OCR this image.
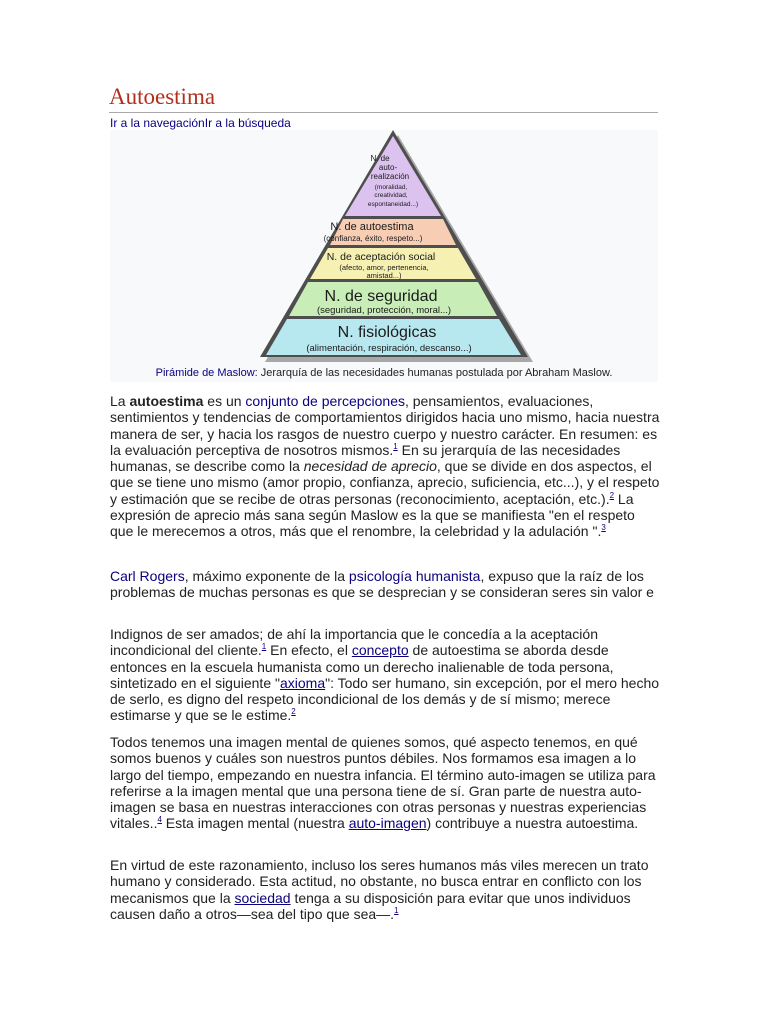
Autoestima
Ir a la navegaciónIr a la búsqueda
N. de
auto-
realización
(moralidad,
creatividad,
espontaneidad...)
N. de autoestima
(confianza, éxito, respeto...)
N. de aceptación social
(afecto, amor, pertenencia,
amistad...)
N. de seguridad
(seguridad, protección, moral...)
N. fisiológicas
(alimentación, respiración, descanso...)
Pirámide de Maslow: Jerarquía de las necesidades humanas postulada por Abraham Maslow.
La autoestima es un conjunto de percepciones, pensamientos, evaluaciones, sentimientos y tendencias de comportamientos dirigidos hacia uno mismo, hacia nuestra manera de ser, y hacia los rasgos de nuestro cuerpo y nuestro carácter. En resumen: es la evaluación perceptiva de nosotros mismos.$^1$ En su jerarquía de las necesidades humanas, se describe como la necesidad de aprecio, que se divide en dos aspectos, el que se tiene uno mismo (amor propio, confianza, aprecio, suficiencia, etc...), y el respeto y estimación que se recibe de otras personas (reconocimiento, aceptación, etc.).$^2$ La expresión de aprecio más sana según Maslow es la que se manifiesta "en el respeto que le merecemos a otros, más que el renombre, la celebridad y la adulación ".$^3$
Carl Rogers, máximo exponente de la psicología humanista, expuso que la raíz de los problemas de muchas personas es que se desprecian y se consideran seres sin valor e
Indignos de ser amados; de ahí la importancia que le concedía a la aceptación incondicional del cliente.$^1$ En efecto, el concepto de autoestima se aborda desde entonces en la escuela humanista como un derecho inalienable de toda persona, sintetizado en el siguiente "axioma": Todo ser humano, sin excepción, por el mero hecho de serlo, es digno del respeto incondicional de los demás y de sí mismo; merece estimarse y que se le estime.$^2$
Todos tenemos una imagen mental de quienes somos, qué aspecto tenemos, en qué somos buenos y cuáles son nuestros puntos débiles. Nos formamos esa imagen a lo largo del tiempo, empezando en nuestra infancia. El término auto-imagen se utiliza para referirse a la imagen mental que una persona tiene de sí. Gran parte de nuestra auto-imagen se basa en nuestras interacciones con otras personas y nuestras experiencias vitales..$^4$ Esta imagen mental (nuestra auto-imagen) contribuye a nuestra autoestima.
En virtud de este razonamiento, incluso los seres humanos más viles merecen un trato humano y considerado. Esta actitud, no obstante, no busca entrar en conflicto con los mecanismos que la sociedad tenga a su disposición para evitar que unos individuos causen daño a otros—sea del tipo que sea—.$^1$
